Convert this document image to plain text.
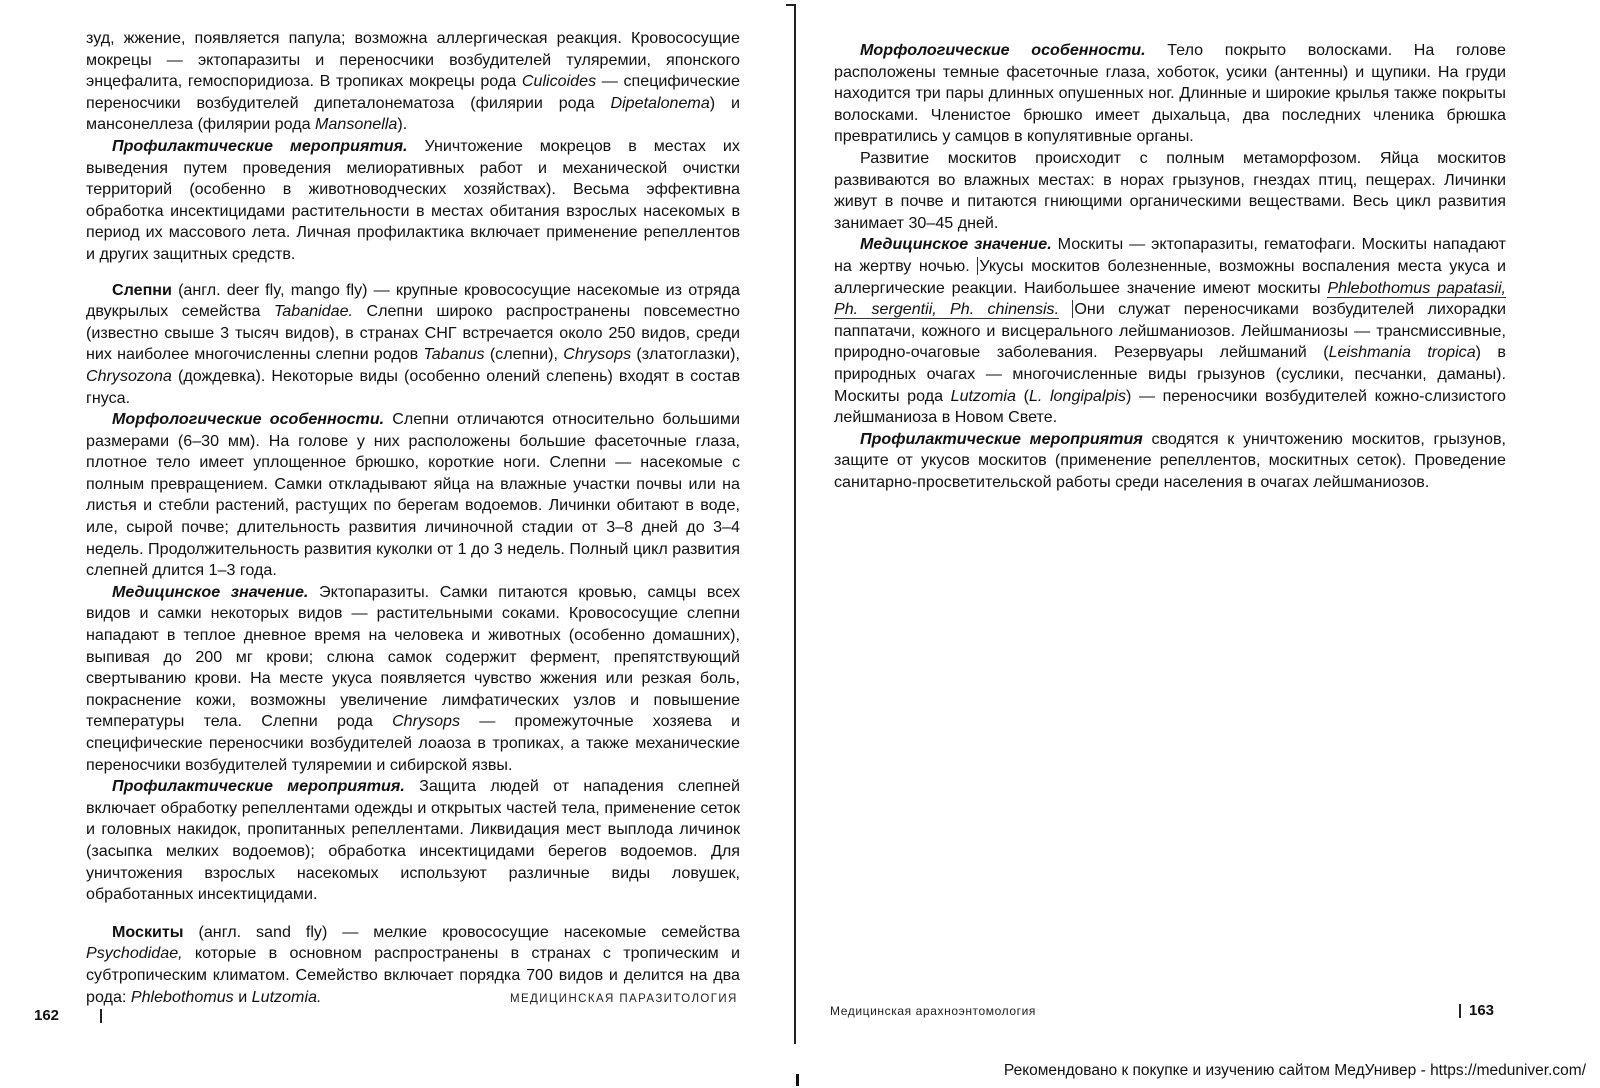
зуд, жжение, появляется папула; возможна аллергическая реакция. Кровососущие мокрецы — эктопаразиты и переносчики возбудителей туляремии, японского энцефалита, гемоспоридиоза. В тропиках мокрецы рода Culicoides — специфические переносчики возбудителей дипеталонематоза (филярии рода Dipetalonema) и мансонеллеза (филярии рода Mansonella).

Профилактические мероприятия. Уничтожение мокрецов в местах их выведения путем проведения мелиоративных работ и механической очистки территорий (особенно в животноводческих хозяйствах). Весьма эффективна обработка инсектицидами растительности в местах обитания взрослых насекомых в период их массового лета. Личная профилактика включает применение репеллентов и других защитных средств.

Слепни (англ. deer fly, mango fly) — крупные кровососущие насекомые из отряда двукрылых семейства Tabanidae. Слепни широко распространены повсеместно (известно свыше 3 тысяч видов), в странах СНГ встречается около 250 видов, среди них наиболее многочисленны слепни родов Tabanus (слепни), Chrysops (златоглазки), Chrysozona (дождевка). Некоторые виды (особенно олений слепень) входят в состав гнуса.

Морфологические особенности. Слепни отличаются относительно большими размерами (6–30 мм). На голове у них расположены большие фасеточные глаза, плотное тело имеет уплощенное брюшко, короткие ноги. Слепни — насекомые с полным превращением. Самки откладывают яйца на влажные участки почвы или на листья и стебли растений, растущих по берегам водоемов. Личинки обитают в воде, иле, сырой почве; длительность развития личиночной стадии от 3–8 дней до 3–4 недель. Продолжительность развития куколки от 1 до 3 недель. Полный цикл развития слепней длится 1–3 года.

Медицинское значение. Эктопаразиты. Самки питаются кровью, самцы всех видов и самки некоторых видов — растительными соками. Кровососущие слепни нападают в теплое дневное время на человека и животных (особенно домашних), выпивая до 200 мг крови; слюна самок содержит фермент, препятствующий свертыванию крови. На месте укуса появляется чувство жжения или резкая боль, покраснение кожи, возможны увеличение лимфатических узлов и повышение температуры тела. Слепни рода Chrysops — промежуточные хозяева и специфические переносчики возбудителей лоаоза в тропиках, а также механические переносчики возбудителей туляремии и сибирской язвы.

Профилактические мероприятия. Защита людей от нападения слепней включает обработку репеллентами одежды и открытых частей тела, применение сеток и головных накидок, пропитанных репеллентами. Ликвидация мест выплода личинок (засыпка мелких водоемов); обработка инсектицидами берегов водоемов. Для уничтожения взрослых насекомых используют различные виды ловушек, обработанных инсектицидами.

Москиты (англ. sand fly) — мелкие кровососущие насекомые семейства Psychodidae, которые в основном распространены в странах с тропическим и субтропическим климатом. Семейство включает порядка 700 видов и делится на два рода: Phlebothomus и Lutzomia.

162
МЕДИЦИНСКАЯ ПАРАЗИТОЛОГИЯ

Морфологические особенности. Тело покрыто волосками. На голове расположены темные фасеточные глаза, хоботок, усики (антенны) и щупики. На груди находится три пары длинных опушенных ног. Длинные и широкие крылья также покрыты волосками. Членистое брюшко имеет дыхальца, два последних членика брюшка превратились у самцов в копулятивные органы.

Развитие москитов происходит с полным метаморфозом. Яйца москитов развиваются во влажных местах: в норах грызунов, гнездах птиц, пещерах. Личинки живут в почве и питаются гниющими органическими веществами. Весь цикл развития занимает 30–45 дней.

Медицинское значение. Москиты — эктопаразиты, гематофаги. Москиты нападают на жертву ночью. Укусы москитов болезненные, возможны воспаления места укуса и аллергические реакции. Наибольшее значение имеют москиты Phlebothomus papatasii, Ph. sergentii, Ph. chinensis. Они служат переносчиками возбудителей лихорадки паппатачи, кожного и висцерального лейшманиозов. Лейшманиозы — трансмиссивные, природно-очаговые заболевания. Резервуары лейшманий (Leishmania tropica) в природных очагах — многочисленные виды грызунов (суслики, песчанки, даманы). Москиты рода Lutzomia (L. longipalpis) — переносчики возбудителей кожно-слизистого лейшманиоза в Новом Свете.

Профилактические мероприятия сводятся к уничтожению москитов, грызунов, защите от укусов москитов (применение репеллентов, москитных сеток). Проведение санитарно-просветительской работы среди населения в очагах лейшманиозов.

Медицинская арахноэнтомология	163
Рекомендовано к покупке и изучению сайтом МедУнивер - https://meduniver.com/
